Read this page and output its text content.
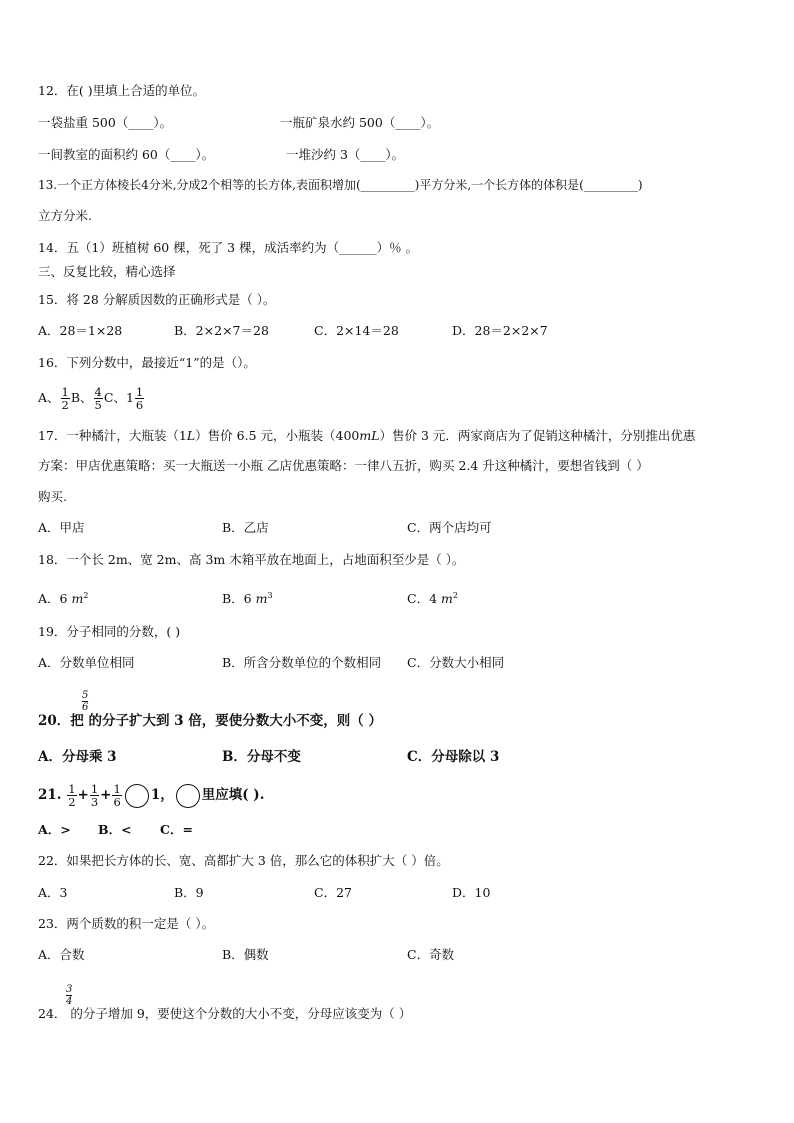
12．在( )里填上合适的单位。
一袋盐重 500（____）。	一瓶矿泉水约 500（____）。
一间教室的面积约 60（____）。	一堆沙约 3（____）。
13.一个正方体棱长4分米,分成2个相等的长方体,表面积增加(_________)平方分米,一个长方体的体积是(_________)
立方分米.
14．五（1）班植树 60 棵，死了 3 棵，成活率约为（______）％ 。
三、反复比较，精心选择
15．将 28 分解质因数的正确形式是（ ）。
A．28＝1×28	B．2×2×7＝28	C．2×14＝28	D．28＝2×2×7
16．下列分数中，最接近“1”的是（）。
A、 $\frac{1}{2}$ B、 $\frac{4}{5}$ C、$1 \frac{1}{6}$
17．一种橘汁，大瓶装（1L）售价 6.5 元，小瓶装（400mL）售价 3 元．两家商店为了促销这种橘汁，分别推出优惠
方案：甲店优惠策略：买一大瓶送一小瓶 乙店优惠策略：一律八五折，购买 2.4 升这种橘汁，要想省钱到（ ）
购买.
A．甲店	B．乙店	C．两个店均可
18．一个长 2m、宽 2m、高 3m 木箱平放在地面上，占地面积至少是（ ）。
A．6 $m^2$	B．6 $m^3$	C．4 $m^2$
19．分子相同的分数，( )
A．分数单位相同	B．所含分数单位的个数相同 C．分数大小相同
5
6
20．把 的分子扩大到 3 倍，要使分数大小不变，则（ ）
A．分母乘 3	B．分母不变	C．分母除以 3
21. $\frac{1}{2} + \frac{1}{3} + \frac{1}{6} 1$， 里应填( ).
A．> B．< C．=
22．如果把长方体的长、宽、高都扩大 3 倍，那么它的体积扩大（ ）倍。
A．3	B．9	C．27	D．10
23．两个质数的积一定是（ ）。
A．合数	B．偶数	C．奇数
3
4
24． 的分子增加 9，要使这个分数的大小不变，分母应该变为（ ）
